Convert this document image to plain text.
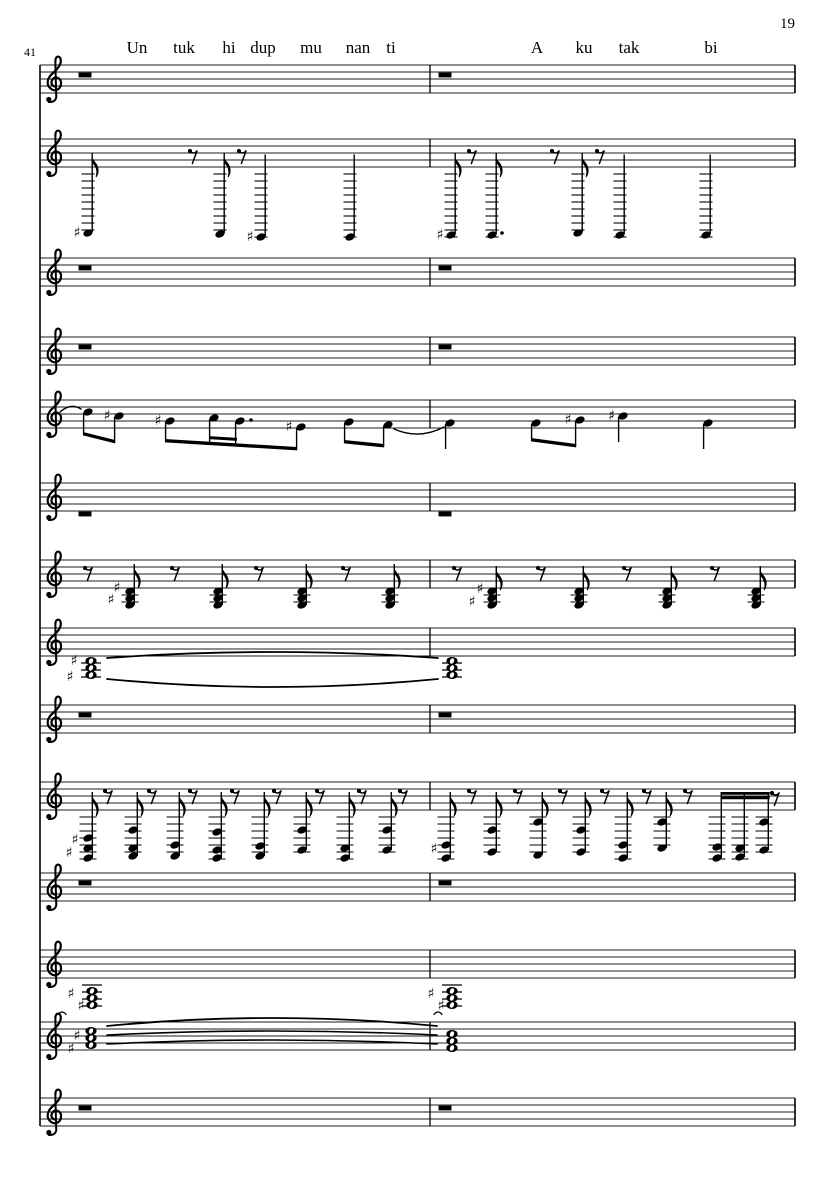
19
41	Un tuk hi dup mu nan ti	A ku tak	bi
♯	♯	♯
♯	♯	♯	♯	♯
♯
♯
♯
♯
♯
♯
♯
♯	♯
♯
♯
♯
♯
♯
♯
